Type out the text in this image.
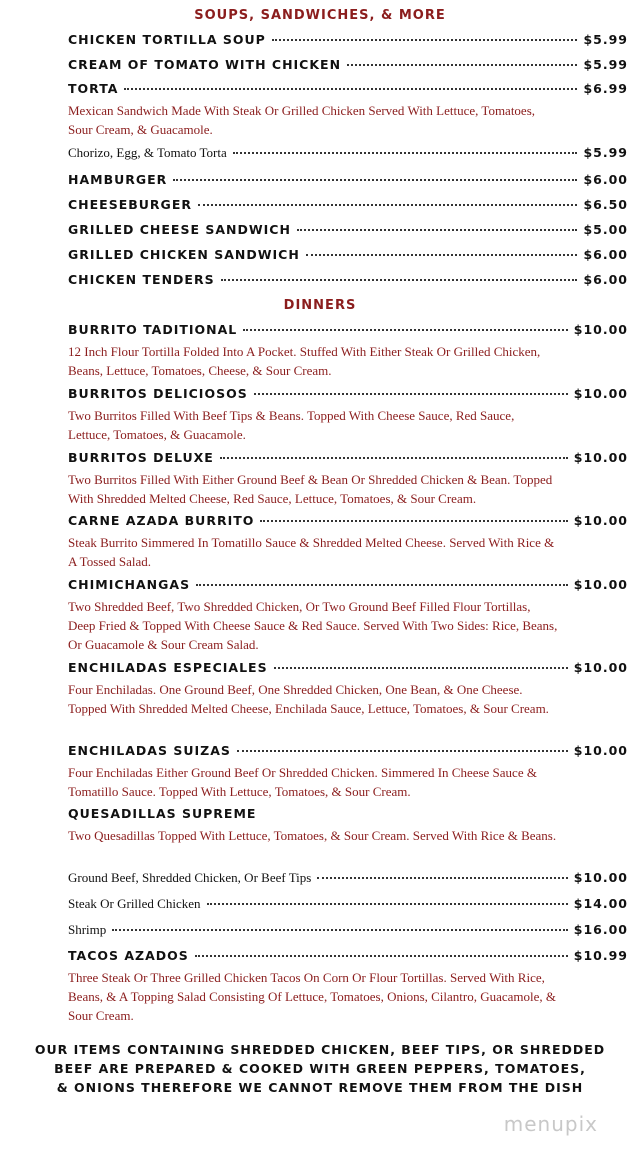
SOUPS, SANDWICHES, & MORE
CHICKEN TORTILLA SOUP	$5.99
CREAM OF TOMATO WITH CHICKEN	$5.99
TORTA	$6.99
Mexican Sandwich Made With Steak Or Grilled Chicken Served With Lettuce, Tomatoes, Sour Cream, & Guacamole.
Chorizo, Egg, & Tomato Torta	$5.99
HAMBURGER	$6.00
CHEESEBURGER	$6.50
GRILLED CHEESE SANDWICH	$5.00
GRILLED CHICKEN SANDWICH	$6.00
CHICKEN TENDERS	$6.00
DINNERS
BURRITO TADITIONAL	$10.00
12 Inch Flour Tortilla Folded Into A Pocket. Stuffed With Either Steak Or Grilled Chicken, Beans, Lettuce, Tomatoes, Cheese, & Sour Cream.
BURRITOS DELICIOSOS	$10.00
Two Burritos Filled With Beef Tips & Beans. Topped With Cheese Sauce, Red Sauce, Lettuce, Tomatoes, & Guacamole.
BURRITOS DELUXE	$10.00
Two Burritos Filled With Either Ground Beef & Bean Or Shredded Chicken & Bean. Topped With Shredded Melted Cheese, Red Sauce, Lettuce, Tomatoes, & Sour Cream.
CARNE AZADA BURRITO	$10.00
Steak Burrito Simmered In Tomatillo Sauce & Shredded Melted Cheese. Served With Rice & A Tossed Salad.
CHIMICHANGAS	$10.00
Two Shredded Beef, Two Shredded Chicken, Or Two Ground Beef Filled Flour Tortillas, Deep Fried & Topped With Cheese Sauce & Red Sauce. Served With Two Sides: Rice, Beans, Or Guacamole & Sour Cream Salad.
ENCHILADAS ESPECIALES	$10.00
Four Enchiladas. One Ground Beef, One Shredded Chicken, One Bean, & One Cheese. Topped With Shredded Melted Cheese, Enchilada Sauce, Lettuce, Tomatoes, & Sour Cream.
ENCHILADAS SUIZAS	$10.00
Four Enchiladas Either Ground Beef Or Shredded Chicken. Simmered In Cheese Sauce & Tomatillo Sauce. Topped With Lettuce, Tomatoes, & Sour Cream.
QUESADILLAS SUPREME
Two Quesadillas Topped With Lettuce, Tomatoes, & Sour Cream. Served With Rice & Beans.
Ground Beef, Shredded Chicken, Or Beef Tips	$10.00
Steak Or Grilled Chicken	$14.00
Shrimp	$16.00
TACOS AZADOS	$10.99
Three Steak Or Three Grilled Chicken Tacos On Corn Or Flour Tortillas. Served With Rice, Beans, & A Topping Salad Consisting Of Lettuce, Tomatoes, Onions, Cilantro, Guacamole, & Sour Cream.
OUR ITEMS CONTAINING SHREDDED CHICKEN, BEEF TIPS, OR SHREDDED
BEEF ARE PREPARED & COOKED WITH GREEN PEPPERS, TOMATOES,
& ONIONS THEREFORE WE CANNOT REMOVE THEM FROM THE DISH
menupix
